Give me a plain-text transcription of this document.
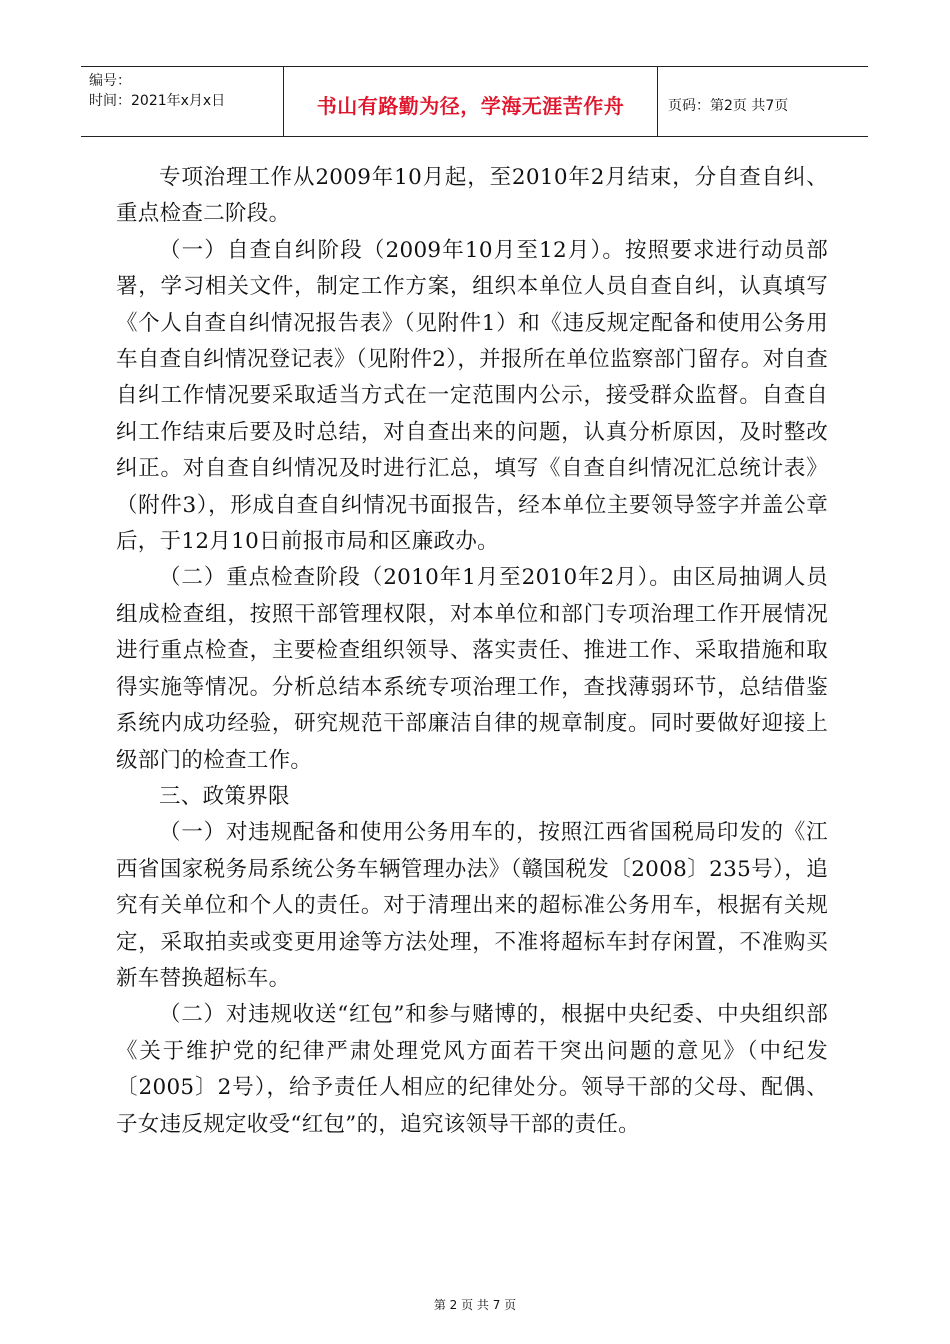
编号：
时间：2021年x月x日	书山有路勤为径，学海无涯苦作舟	页码：第2页 共7页

专项治理工作从2009年10月起，至2010年2月结束，分自查自纠、重点检查二阶段。

（一）自查自纠阶段（2009年10月至12月）。按照要求进行动员部署，学习相关文件，制定工作方案，组织本单位人员自查自纠，认真填写《个人自查自纠情况报告表》（见附件1）和《违反规定配备和使用公务用车自查自纠情况登记表》（见附件2），并报所在单位监察部门留存。对自查自纠工作情况要采取适当方式在一定范围内公示，接受群众监督。自查自纠工作结束后要及时总结，对自查出来的问题，认真分析原因，及时整改纠正。对自查自纠情况及时进行汇总，填写《自查自纠情况汇总统计表》（附件3），形成自查自纠情况书面报告，经本单位主要领导签字并盖公章后，于12月10日前报市局和区廉政办。

（二）重点检查阶段（2010年1月至2010年2月）。由区局抽调人员组成检查组，按照干部管理权限，对本单位和部门专项治理工作开展情况进行重点检查，主要检查组织领导、落实责任、推进工作、采取措施和取得实施等情况。分析总结本系统专项治理工作，查找薄弱环节，总结借鉴系统内成功经验，研究规范干部廉洁自律的规章制度。同时要做好迎接上级部门的检查工作。

三、政策界限

（一）对违规配备和使用公务用车的，按照江西省国税局印发的《江西省国家税务局系统公务车辆管理办法》（赣国税发〔2008〕235号），追究有关单位和个人的责任。对于清理出来的超标准公务用车，根据有关规定，采取拍卖或变更用途等方法处理，不准将超标车封存闲置，不准购买新车替换超标车。

（二）对违规收送“红包”和参与赌博的，根据中央纪委、中央组织部《关于维护党的纪律严肃处理党风方面若干突出问题的意见》（中纪发〔2005〕2号），给予责任人相应的纪律处分。领导干部的父母、配偶、子女违反规定收受“红包”的，追究该领导干部的责任。

第 2 页 共 7 页
